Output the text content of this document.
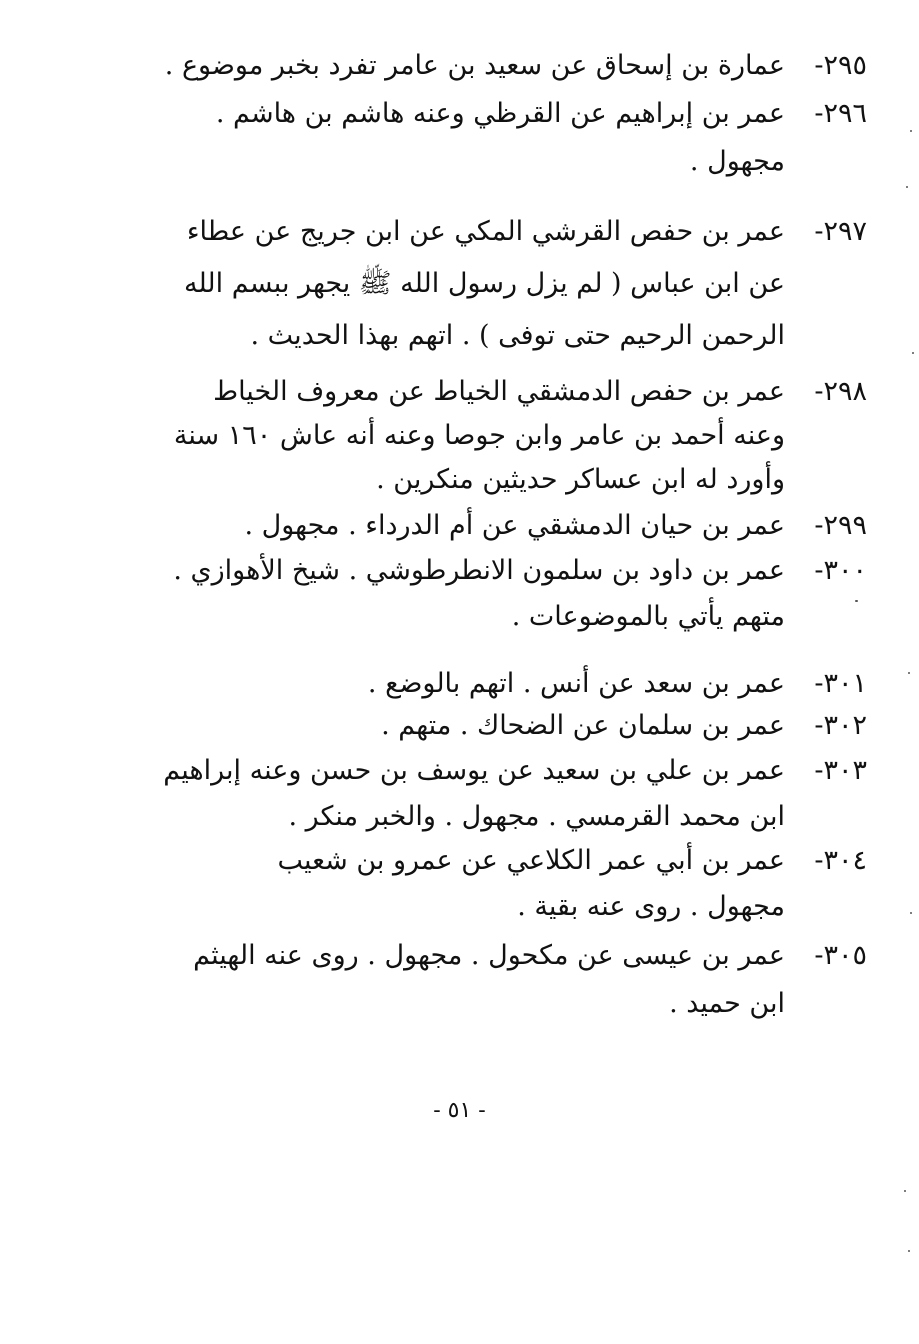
٢٩٥-عمارة بن إسحاق عن سعيد بن عامر تفرد بخبر موضوع .
٢٩٦-عمر بن إبراهيم عن القرظي وعنه هاشم بن هاشم .
مجهول .
٢٩٧-عمر بن حفص القرشي المكي عن ابن جريج عن عطاء
عن ابن عباس ( لم يزل رسول الله ﷺ يجهر ببسم الله
الرحمن الرحيم حتى توفى ) . اتهم بهذا الحديث .
٢٩٨-عمر بن حفص الدمشقي الخياط عن معروف الخياط
وعنه أحمد بن عامر وابن جوصا وعنه أنه عاش ١٦٠ سنة
وأورد له ابن عساكر حديثين منكرين .
٢٩٩-عمر بن حيان الدمشقي عن أم الدرداء . مجهول .
٣٠٠-عمر بن داود بن سلمون الانطرطوشي . شيخ الأهوازي .
متهم يأتي بالموضوعات .
٣٠١-عمر بن سعد عن أنس . اتهم بالوضع .
٣٠٢-عمر بن سلمان عن الضحاك . متهم .
٣٠٣-عمر بن علي بن سعيد عن يوسف بن حسن وعنه إبراهيم
ابن محمد القرمسي . مجهول . والخبر منكر .
٣٠٤-عمر بن أبي عمر الكلاعي عن عمرو بن شعيب
مجهول . روى عنه بقية .
٣٠٥-عمر بن عيسى عن مكحول . مجهول . روى عنه الهيثم
ابن حميد .
- ٥١ -
